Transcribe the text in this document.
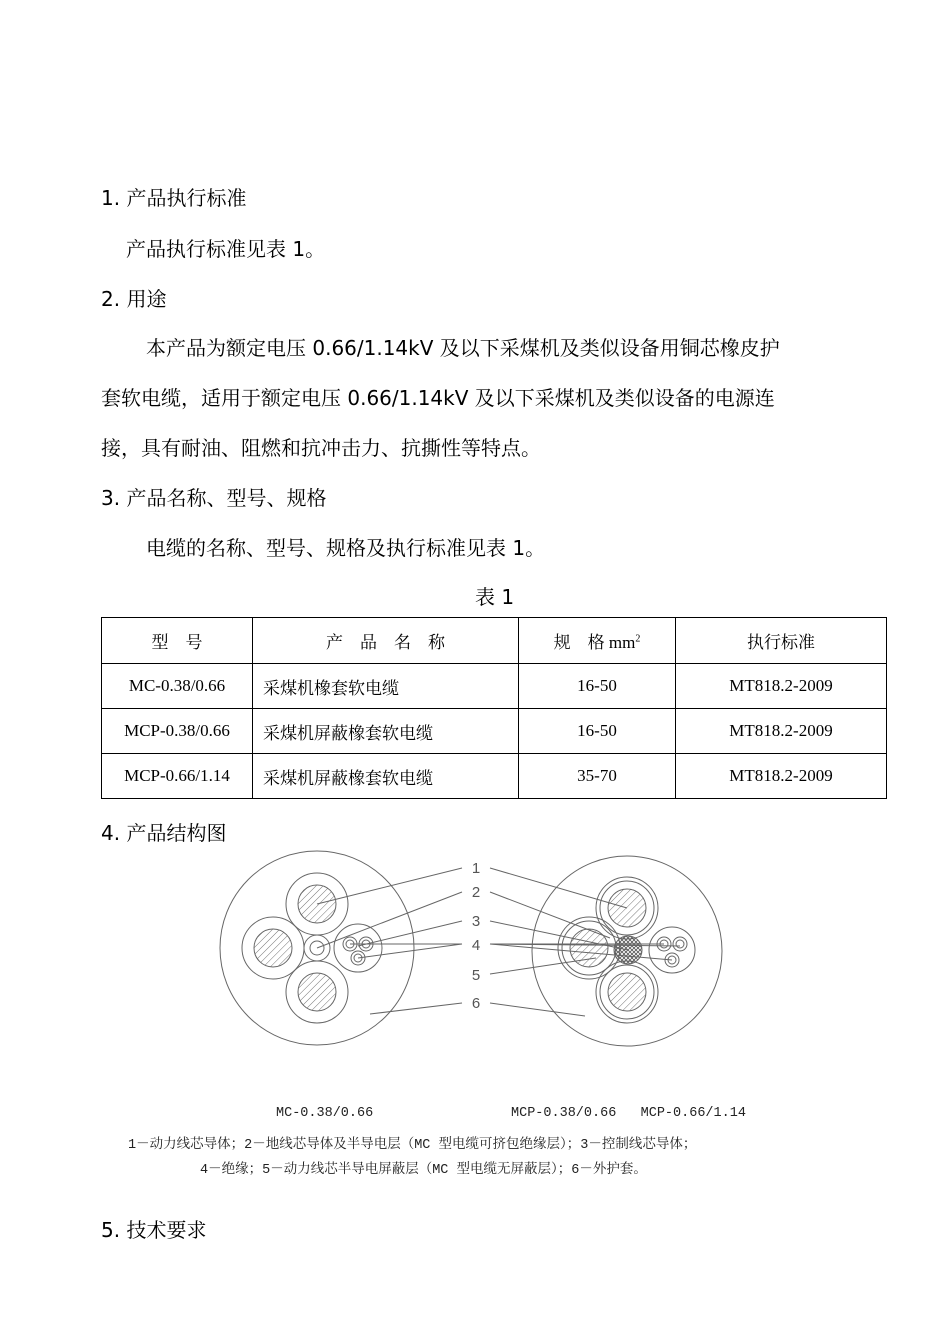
1. 产品执行标准
产品执行标准见表 1。
2. 用途
本产品为额定电压 0.66/1.14kV 及以下采煤机及类似设备用铜芯橡皮护
套软电缆，适用于额定电压 0.66/1.14kV 及以下采煤机及类似设备的电源连
接，具有耐油、阻燃和抗冲击力、抗撕性等特点。
3. 产品名称、型号、规格
电缆的名称、型号、规格及执行标准见表 1。
表 1
型　号	产　品　名　称	规　格 $mm^2$	执行标准
MC-0.38/0.66	采煤机橡套软电缆	16-50	MT818.2-2009
MCP-0.38/0.66	采煤机屏蔽橡套软电缆	16-50	MT818.2-2009
MCP-0.66/1.14	采煤机屏蔽橡套软电缆	35-70	MT818.2-2009
4. 产品结构图
1
2
3
4
5
6
MC-0.38/0.66	MCP-0.38/0.66   MCP-0.66/1.14
1－动力线芯导体；2－地线芯导体及半导电层（MC 型电缆可挤包绝缘层）；3－控制线芯导体；
4－绝缘；5－动力线芯半导电屏蔽层（MC 型电缆无屏蔽层）；6－外护套。
5. 技术要求
